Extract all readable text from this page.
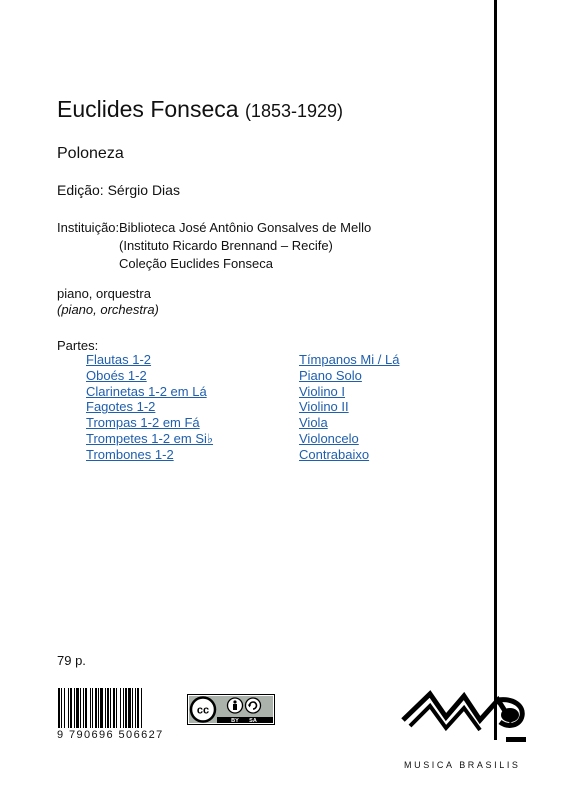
Euclides Fonseca (1853-1929)
Poloneza
Edição: Sérgio Dias
Instituição: Biblioteca José Antônio Gonsalves de Mello
(Instituto Ricardo Brennand – Recife)
Coleção Euclides Fonseca
piano, orquestra
(piano, orchestra)
Partes:
Flautas 1-2
Oboés 1-2
Clarinetas 1-2 em Lá
Fagotes 1-2
Trompas 1-2 em Fá
Trompetes 1-2 em Si♭
Trombones 1-2
Tímpanos Mi / Lá
Piano Solo
Violino I
Violino II
Viola
Violoncelo
Contrabaixo
79 p.
9 790696 506627
cc
BY SA
MUSICA BRASILIS
